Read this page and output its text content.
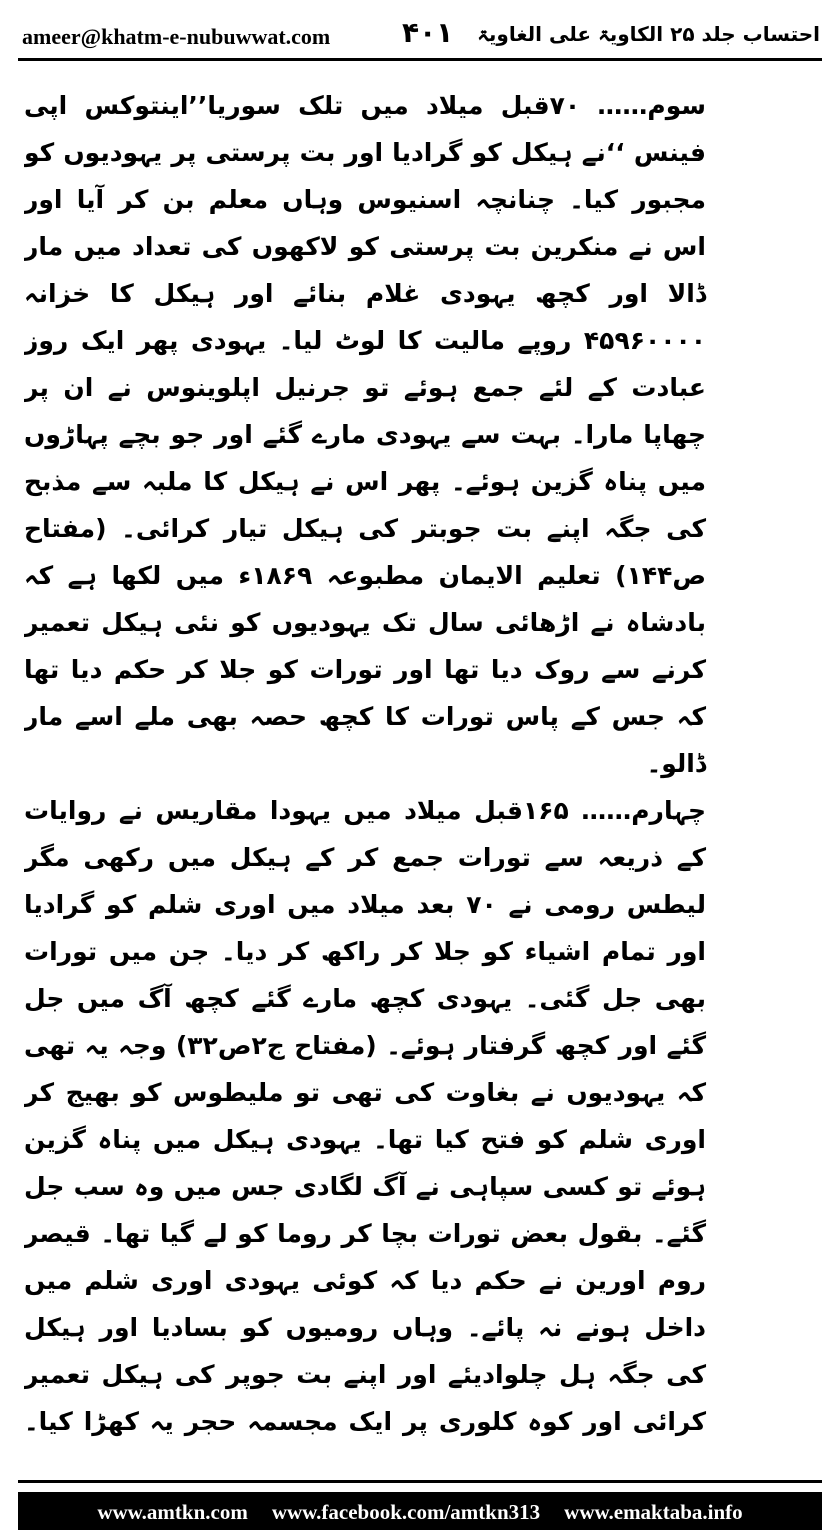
ameer@khatm-e-nubuwwat.com	۴۰۱ احتساب جلد ۲۵ الکاویۃ علی الغاویۃ

سوم…… ۷۰قبل میلاد میں تلک سوریا’’اینتوکس اپی فینس ‘‘نے ہیکل کو گرادیا اور بت پرستی پر یہودیوں کو مجبور کیا۔ چنانچہ اسنیوس وہاں معلم بن کر آیا اور اس نے منکرین بت پرستی کو لاکھوں کی تعداد میں مار ڈالا اور کچھ یہودی غلام بنائے اور ہیکل کا خزانہ ۴۵۹۶۰۰۰۰ روپے مالیت کا لوٹ لیا۔ یہودی پھر ایک روز عبادت کے لئے جمع ہوئے تو جرنیل اپلوینوس نے ان پر چھاپا مارا۔ بہت سے یہودی مارے گئے اور جو بچے پہاڑوں میں پناہ گزین ہوئے۔ پھر اس نے ہیکل کا ملبہ سے مذبح کی جگہ اپنے بت جوبتر کی ہیکل تیار کرائی۔ (مفتاح ص۱۴۴) تعلیم الایمان مطبوعہ ۱۸۶۹ء میں لکھا ہے کہ بادشاہ نے اڑھائی سال تک یہودیوں کو نئی ہیکل تعمیر کرنے سے روک دیا تھا اور تورات کو جلا کر حکم دیا تھا کہ جس کے پاس تورات کا کچھ حصہ بھی ملے اسے مار ڈالو۔

چہارم…… ۱۶۵قبل میلاد میں یہودا مقاریس نے روایات کے ذریعہ سے تورات جمع کر کے ہیکل میں رکھی مگر لیطس رومی نے ۷۰ بعد میلاد میں اوری شلم کو گرادیا اور تمام اشیاء کو جلا کر راکھ کر دیا۔ جن میں تورات بھی جل گئی۔ یہودی کچھ مارے گئے کچھ آگ میں جل گئے اور کچھ گرفتار ہوئے۔ (مفتاح ج۲ص۳۲) وجہ یہ تھی کہ یہودیوں نے بغاوت کی تھی تو ملیطوس کو بھیج کر اوری شلم کو فتح کیا تھا۔ یہودی ہیکل میں پناہ گزین ہوئے تو کسی سپاہی نے آگ لگادی جس میں وہ سب جل گئے۔ بقول بعض تورات بچا کر روما کو لے گیا تھا۔ قیصر روم اورین نے حکم دیا کہ کوئی یہودی اوری شلم میں داخل ہونے نہ پائے۔ وہاں رومیوں کو بسادیا اور ہیکل کی جگہ ہل چلوادیئے اور اپنے بت جوپر کی ہیکل تعمیر کرائی اور کوہ کلوری پر ایک مجسمہ حجر یہ کھڑا کیا۔

www.amtkn.com www.facebook.com/amtkn313 www.emaktaba.info
